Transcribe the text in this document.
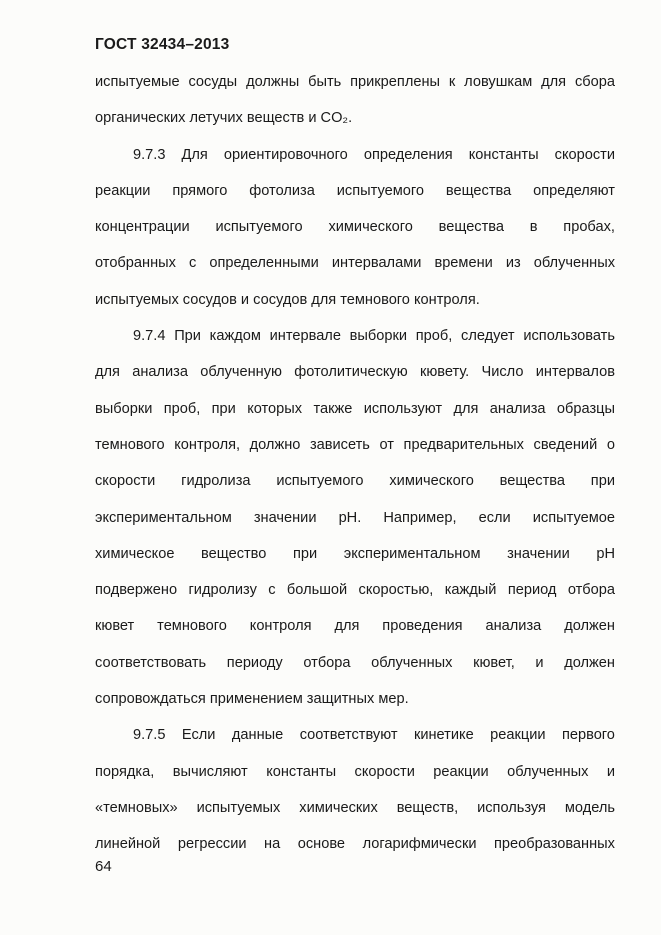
ГОСТ 32434–2013
испытуемые сосуды должны быть прикреплены к ловушкам для сбора
органических летучих веществ и CO₂.
9.7.3 Для ориентировочного определения константы скорости
реакции прямого фотолиза испытуемого вещества определяют
концентрации испытуемого химического вещества в пробах,
отобранных с определенными интервалами времени из облученных
испытуемых сосудов и сосудов для темнового контроля.
9.7.4 При каждом интервале выборки проб, следует использовать
для анализа облученную фотолитическую кювету. Число интервалов
выборки проб, при которых также используют для анализа образцы
темнового контроля, должно зависеть от предварительных сведений о
скорости гидролиза испытуемого химического вещества при
экспериментальном значении pH. Например, если испытуемое
химическое вещество при экспериментальном значении pH
подвержено гидролизу с большой скоростью, каждый период отбора
кювет темнового контроля для проведения анализа должен
соответствовать периоду отбора облученных кювет, и должен
сопровождаться применением защитных мер.
9.7.5 Если данные соответствуют кинетике реакции первого
порядка, вычисляют константы скорости реакции облученных и
«темновых» испытуемых химических веществ, используя модель
линейной регрессии на основе логарифмически преобразованных
64
